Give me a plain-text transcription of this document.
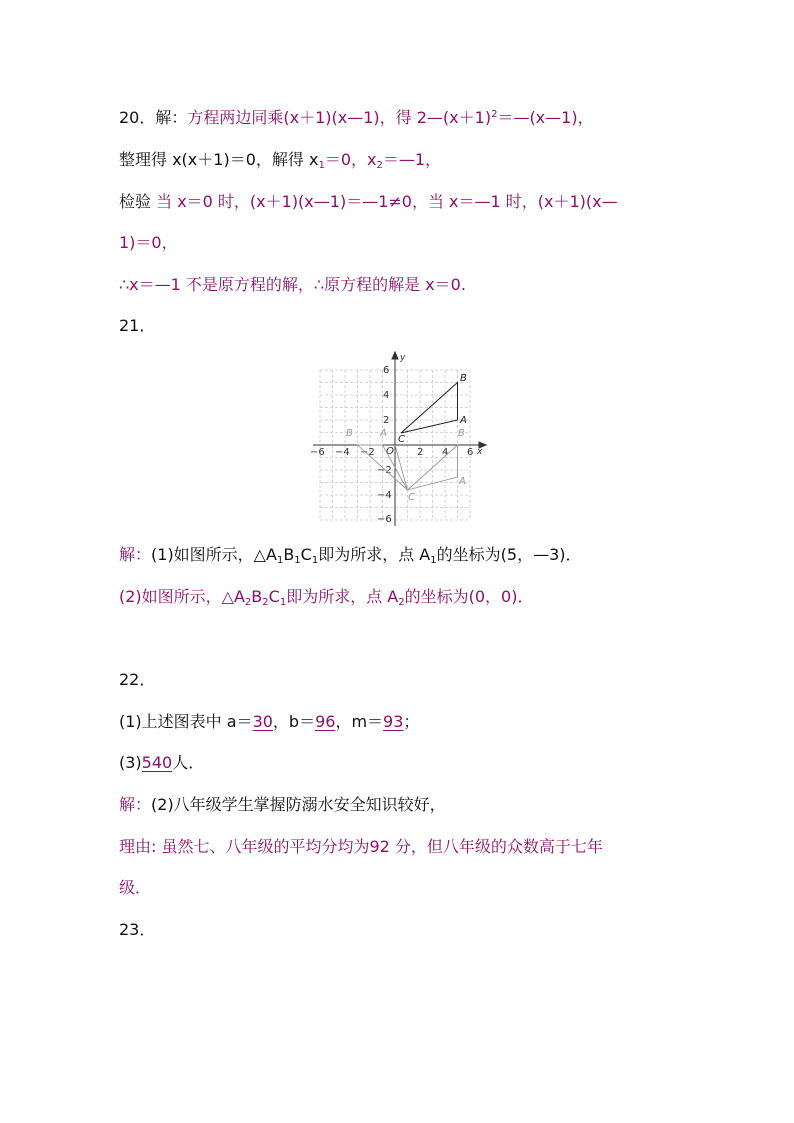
20．解：方程两边同乘(x＋1)(x—1)，得 $2—(x+1)^2=—(x—1)$，
整理得 x(x＋1)＝0，解得 $x_1=0$，$x_2=—1$，
检验 当 x＝0 时，(x＋1)(x—1)＝—1≠0，当 x＝—1 时，(x＋1)(x—
1)＝0，
∴x＝—1 不是原方程的解，∴原方程的解是 x＝0.
21．
x
y
O
−6 −4 −2	2 4 6
6
4
2
−2
−4
−6
B
A
C
B	A	B
A
C
解：(1)如图所示，$\triangle A_1B_1C_1$即为所求，点 $A_1$的坐标为(5，—3)．
(2)如图所示，$\triangle A_2B_2C_1$即为所求，点 $A_2$的坐标为(0，0)．
22．
(1)上述图表中 a＝30，b＝96，m＝93；
(3)540人．
解：(2)八年级学生掌握防溺水安全知识较好，
理由: 虽然七、八年级的平均分均为92 分，但八年级的众数高于七年
级．
23．
